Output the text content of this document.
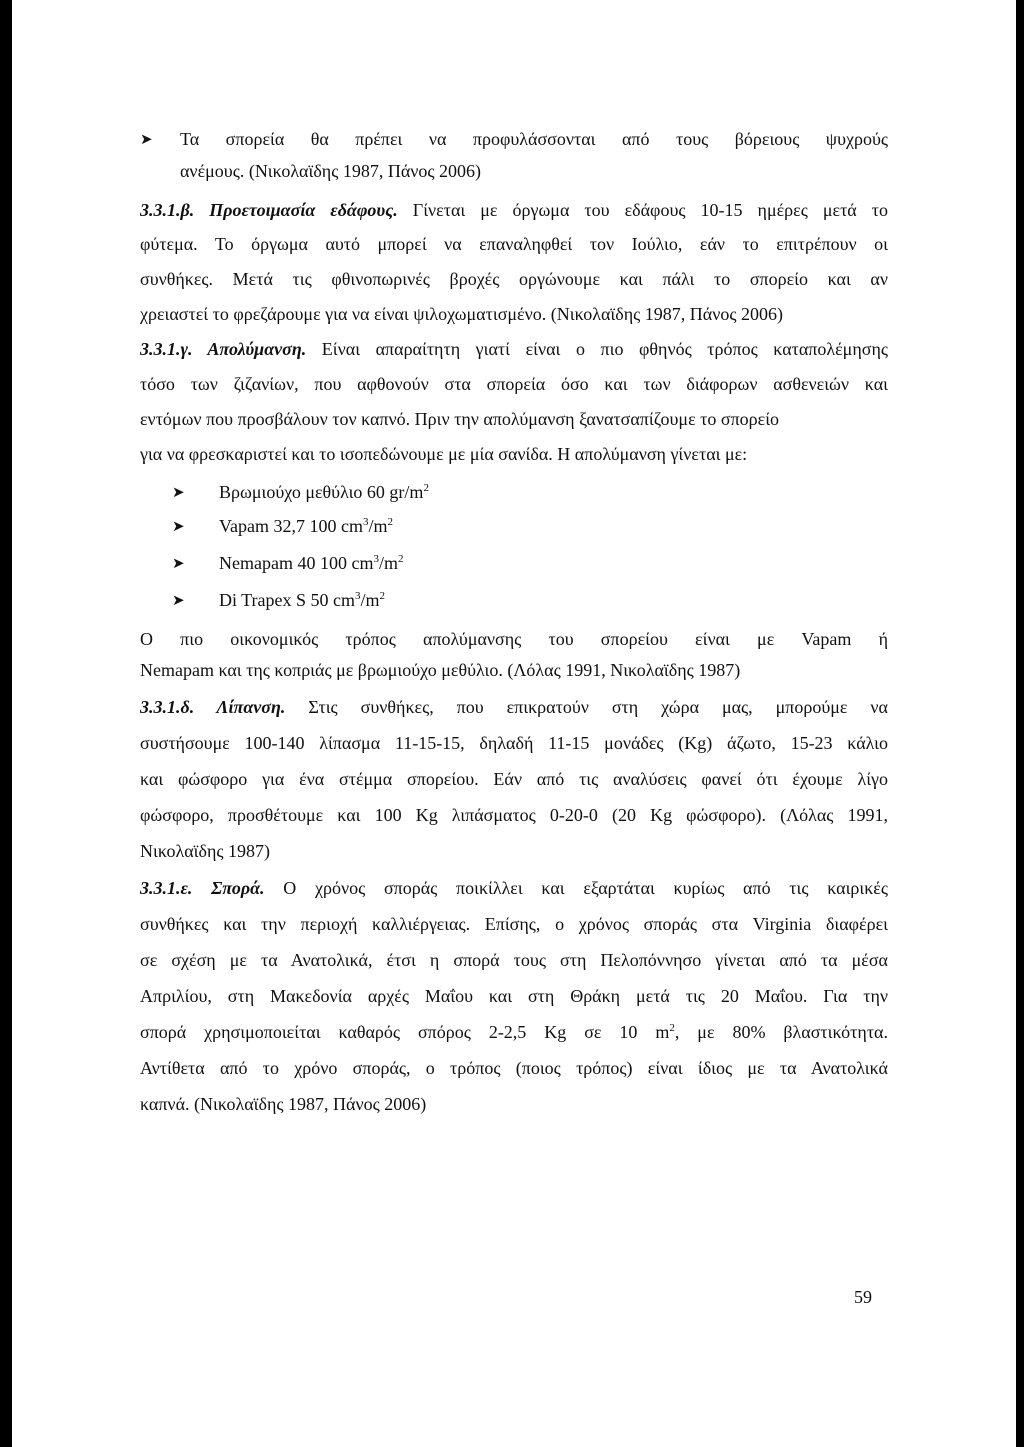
➤ Τα σπορεία θα πρέπει να προφυλάσσονται από τους βόρειους ψυχρούς
ανέμους. (Νικολαϊδης 1987, Πάνος 2006)
3.3.1.β. Προετοιμασία εδάφους. Γίνεται με όργωμα του εδάφους 10-15 ημέρες μετά το
φύτεμα. Το όργωμα αυτό μπορεί να επαναληφθεί τον Ιούλιο, εάν το επιτρέπουν οι
συνθήκες. Μετά τις φθινοπωρινές βροχές οργώνουμε και πάλι το σπορείο και αν
χρειαστεί το φρεζάρουμε για να είναι ψιλοχωματισμένο. (Νικολαϊδης 1987, Πάνος 2006)
3.3.1.γ. Απολύμανση. Είναι απαραίτητη γιατί είναι ο πιο φθηνός τρόπος καταπολέμησης
τόσο των ζιζανίων, που αφθονούν στα σπορεία όσο και των διάφορων ασθενειών και
εντόμων που προσβάλουν τον καπνό. Πριν την απολύμανση ξανατσαπίζουμε το σπορείο
για να φρεσκαριστεί και το ισοπεδώνουμε με μία σανίδα. Η απολύμανση γίνεται με:
➤ Βρωμιούχο μεθύλιο 60 $gr/m^2$
➤ Vapam 32,7 100 $cm^3/m^2$
➤ Nemapam 40 100 $cm^3/m^2$
➤ Di Trapex S 50 $cm^3/m^2$
Ο πιο οικονομικός τρόπος απολύμανσης του σπορείου είναι με Vapam ή
Nemapam και της κοπριάς με βρωμιούχο μεθύλιο. (Λόλας 1991, Νικολαϊδης 1987)
3.3.1.δ. Λίπανση. Στις συνθήκες, που επικρατούν στη χώρα μας, μπορούμε να
συστήσουμε 100-140 λίπασμα 11-15-15, δηλαδή 11-15 μονάδες (Kg) άζωτο, 15-23 κάλιο
και φώσφορο για ένα στέμμα σπορείου. Εάν από τις αναλύσεις φανεί ότι έχουμε λίγο
φώσφορο, προσθέτουμε και 100 Kg λιπάσματος 0-20-0 (20 Kg φώσφορο). (Λόλας 1991,
Νικολαϊδης 1987)
3.3.1.ε. Σπορά. Ο χρόνος σποράς ποικίλλει και εξαρτάται κυρίως από τις καιρικές
συνθήκες και την περιοχή καλλιέργειας. Επίσης, ο χρόνος σποράς στα Virginia διαφέρει
σε σχέση με τα Ανατολικά, έτσι η σπορά τους στη Πελοπόννησο γίνεται από τα μέσα
Απριλίου, στη Μακεδονία αρχές Μαΐου και στη Θράκη μετά τις 20 Μαΐου. Για την
σπορά χρησιμοποιείται καθαρός σπόρος 2-2,5 Kg σε 10 $m^2$, με 80% βλαστικότητα.
Αντίθετα από το χρόνο σποράς, ο τρόπος (ποιος τρόπος) είναι ίδιος με τα Ανατολικά
καπνά. (Νικολαϊδης 1987, Πάνος 2006)
59
